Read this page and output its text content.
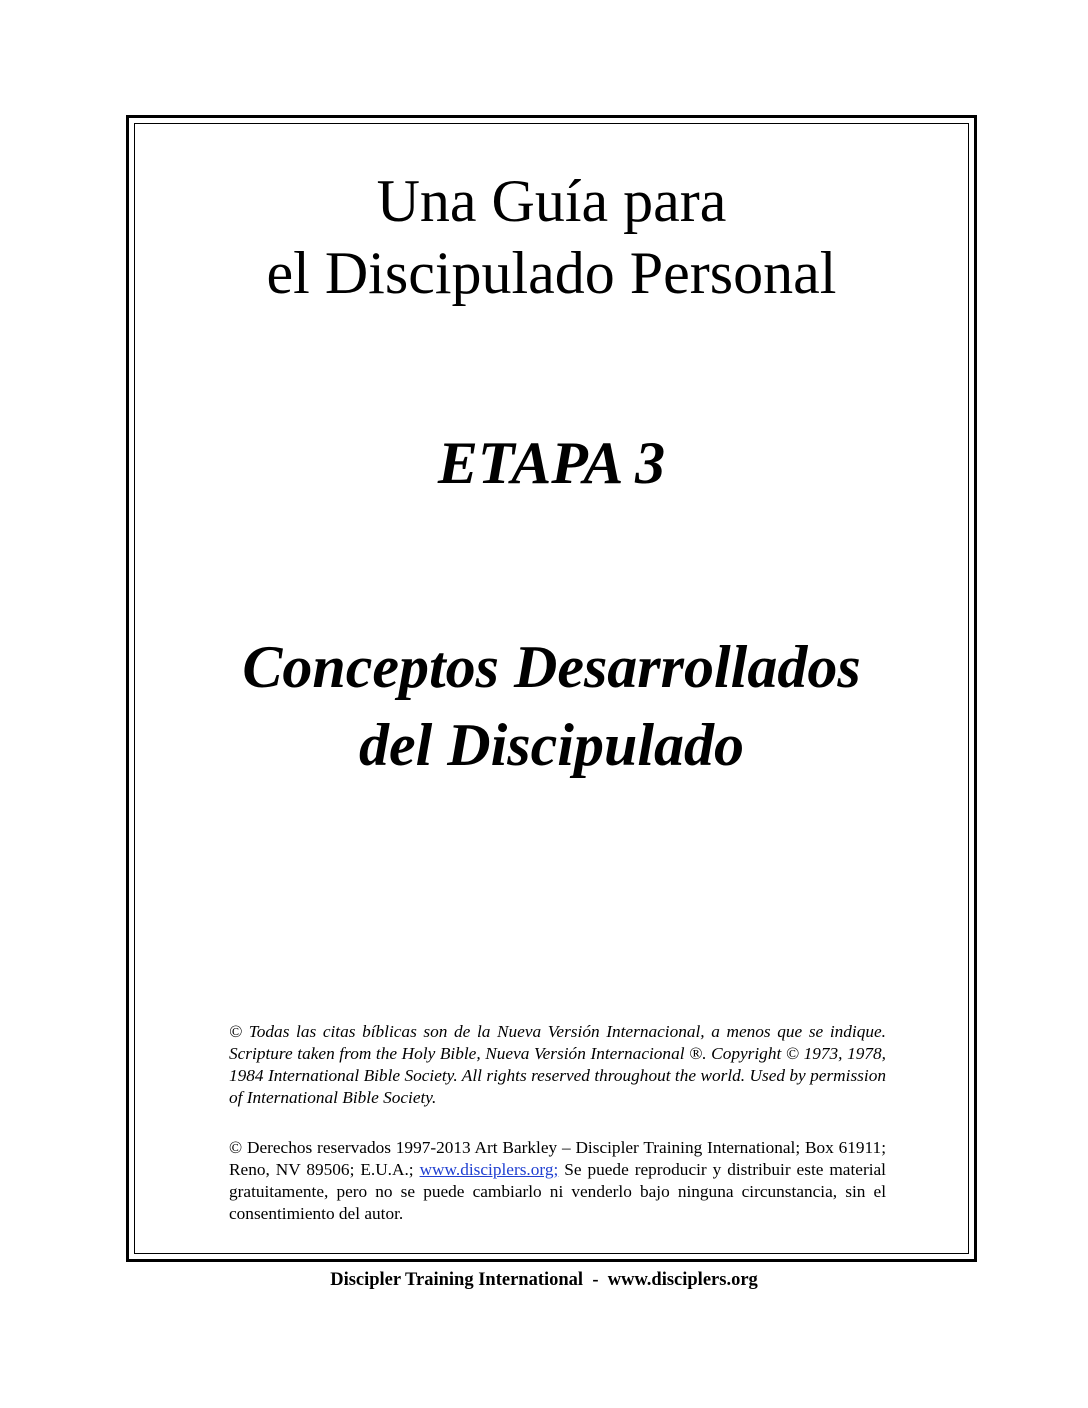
Una Guía para
el Discipulado Personal
ETAPA 3
Conceptos Desarrollados
del Discipulado

© Todas las citas bíblicas son de la Nueva Versión Internacional, a menos que se indique. Scripture taken from the Holy Bible, Nueva Versión Internacional ®. Copyright © 1973, 1978, 1984 International Bible Society. All rights reserved throughout the world. Used by permission of International Bible Society.

© Derechos reservados 1997-2013 Art Barkley – Discipler Training International; Box 61911; Reno, NV 89506; E.U.A.; www.disciplers.org; Se puede reproducir y distribuir este material gratuitamente, pero no se puede cambiarlo ni venderlo bajo ninguna circunstancia, sin el consentimiento del autor.

Discipler Training International  -  www.disciplers.org
